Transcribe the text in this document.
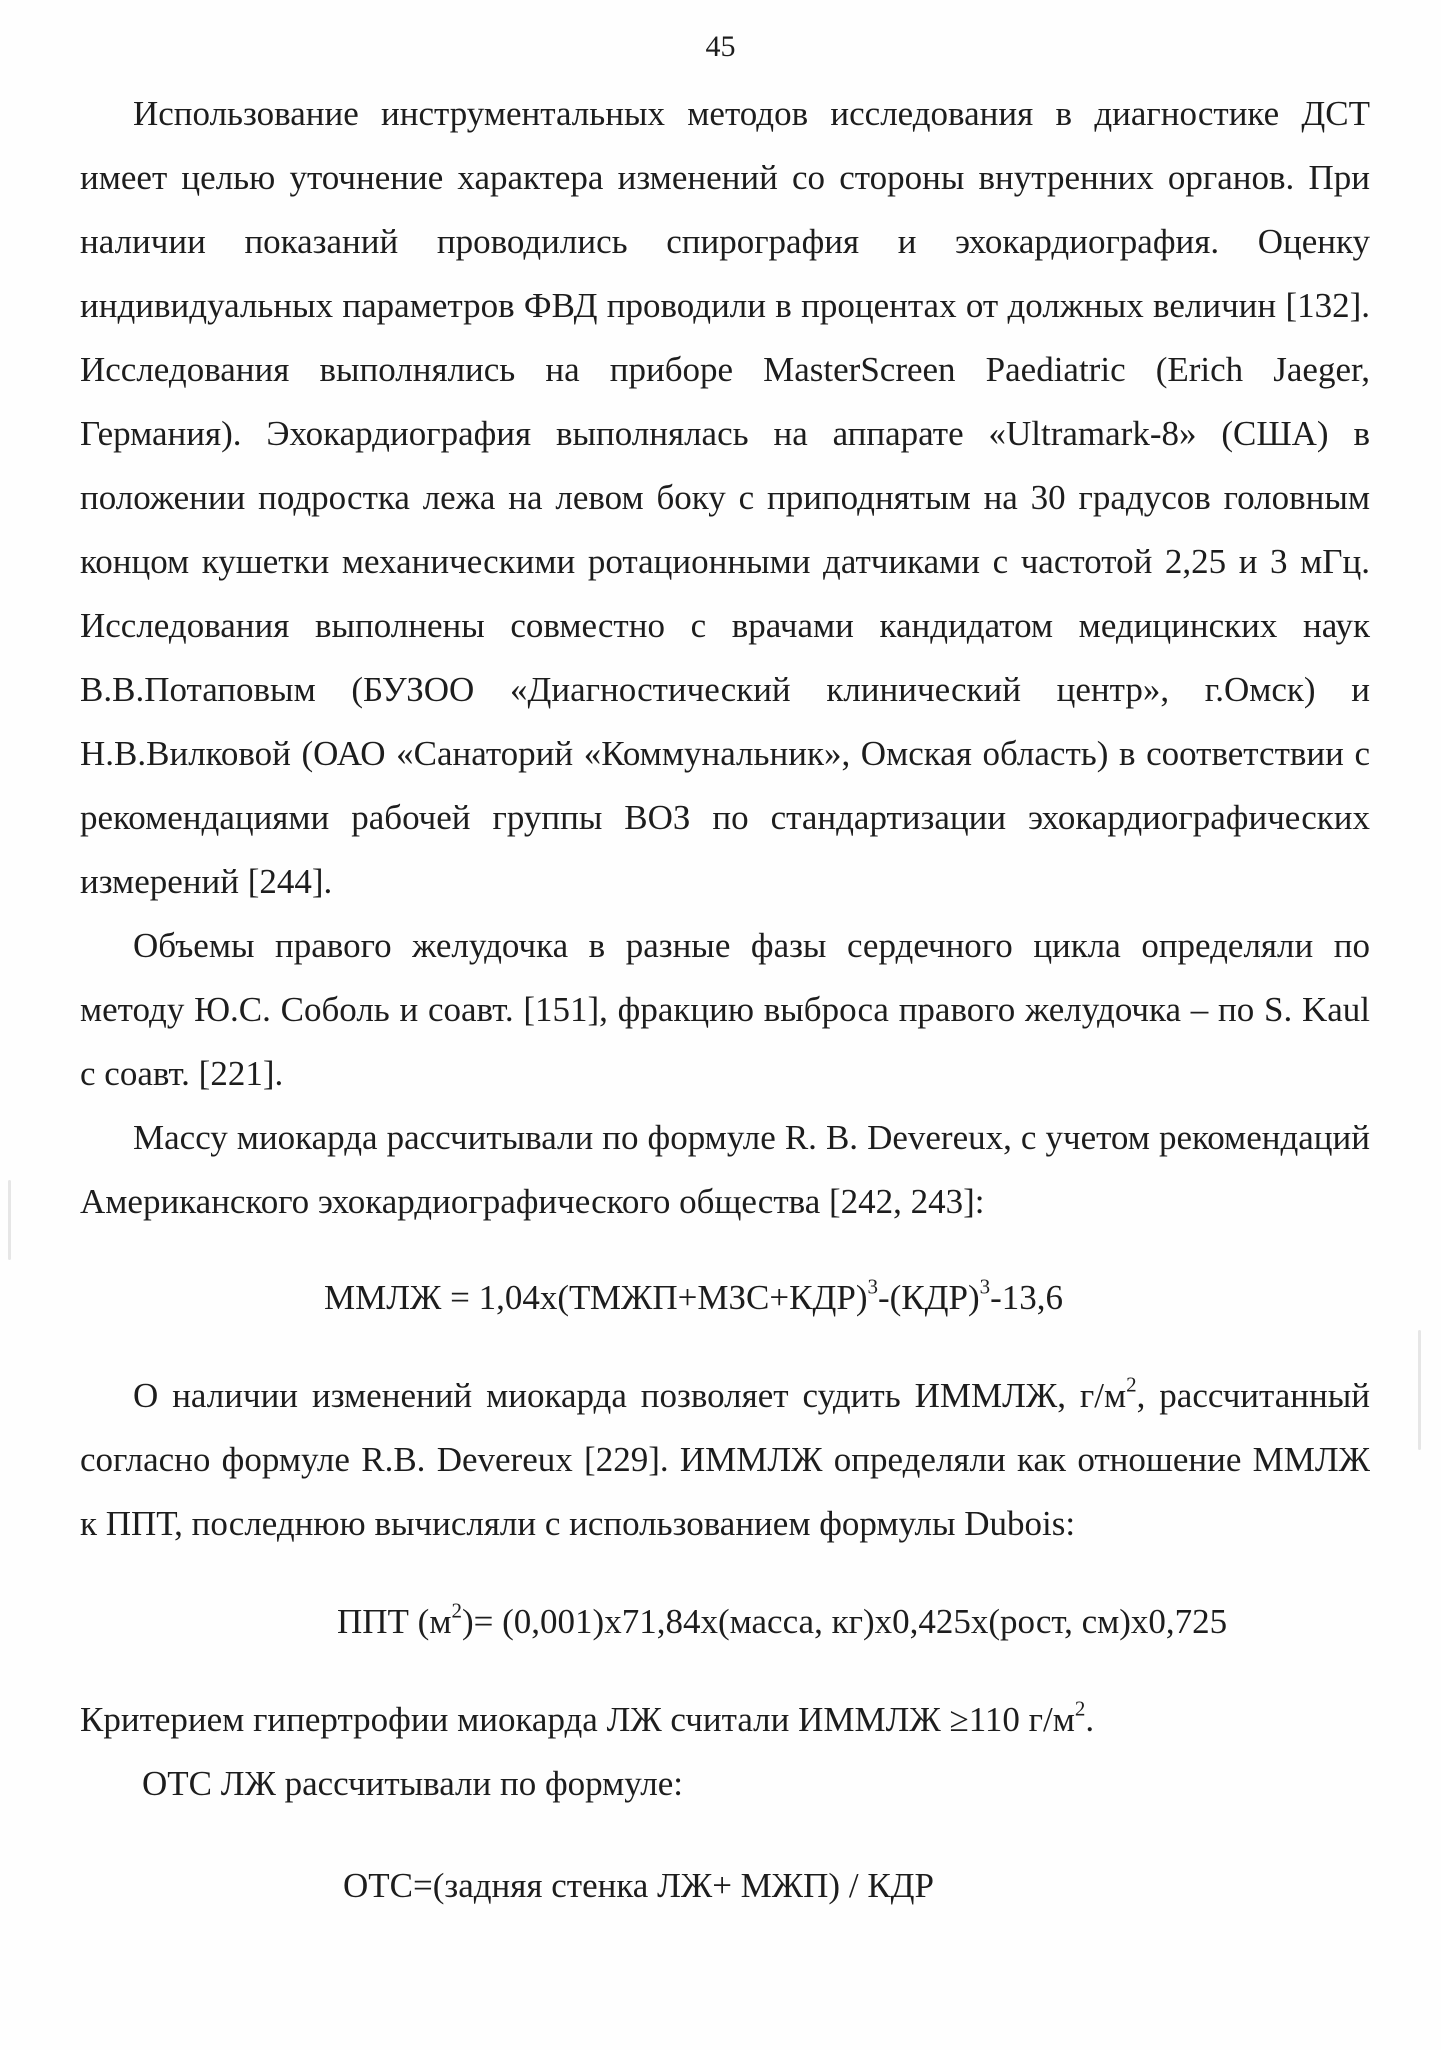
45

Использование инструментальных методов исследования в диагностике ДСТ имеет целью уточнение характера изменений со стороны внутренних органов. При наличии показаний проводились спирография и эхокардиография. Оценку индивидуальных параметров ФВД проводили в процентах от должных величин [132]. Исследования выполнялись на приборе MasterScreen Paediatric (Erich Jaeger, Германия). Эхокардиография выполнялась на аппарате «Ultramark-8» (США) в положении подростка лежа на левом боку с приподнятым на 30 градусов головным концом кушетки механическими ротационными датчиками с частотой 2,25 и 3 мГц. Исследования выполнены совместно с врачами кандидатом медицинских наук В.В.Потаповым (БУЗОО «Диагностический клинический центр», г.Омск) и Н.В.Вилковой (ОАО «Санаторий «Коммунальник», Омская область) в соответствии с рекомендациями рабочей группы ВОЗ по стандартизации эхокардиографических измерений [244].

Объемы правого желудочка в разные фазы сердечного цикла определяли по методу Ю.С. Соболь и соавт. [151], фракцию выброса правого желудочка – по S. Kaul с соавт. [221].

Массу миокарда рассчитывали по формуле R. B. Devereux, с учетом рекомендаций Американского эхокардиографического общества [242, 243]:

ММЛЖ = 1,04х(ТМЖП+МЗС+КДР)$^3$-(КДР)$^3$-13,6

О наличии изменений миокарда позволяет судить ИММЛЖ, $г/м^2$, рассчитанный согласно формуле R.B. Devereux [229]. ИММЛЖ определяли как отношение ММЛЖ к ППТ, последнюю вычисляли с использованием формулы Dubois:

ППТ $(м^2)=$ (0,001)х71,84х(масса, кг)х0,425х(рост, см)х0,725

Критерием гипертрофии миокарда ЛЖ считали ИММЛЖ ≥110 $г/м^2$.

ОТС ЛЖ рассчитывали по формуле:

ОТС=(задняя стенка ЛЖ+ МЖП) / КДР
